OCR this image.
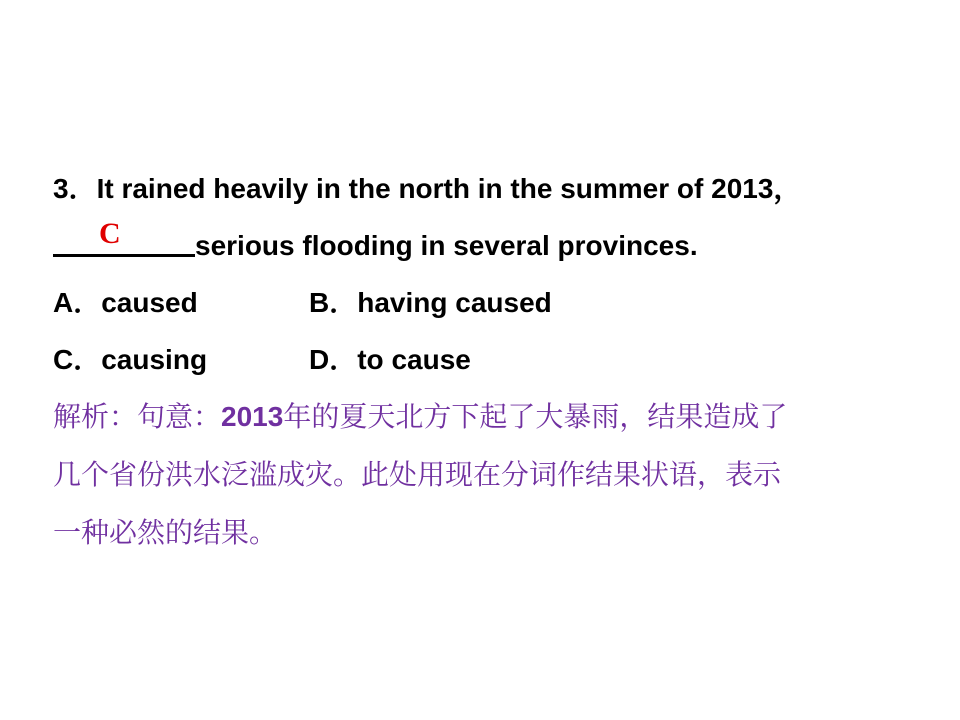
3．It rained heavily in the north in the summer of 2013，
C	serious flooding in several provinces.
A．caused	B．having caused
C．causing	D．to cause
解析：句意：2013年的夏天北方下起了大暴雨，结果造成了
几个省份洪水泛滥成灾。此处用现在分词作结果状语，表示
一种必然的结果。
